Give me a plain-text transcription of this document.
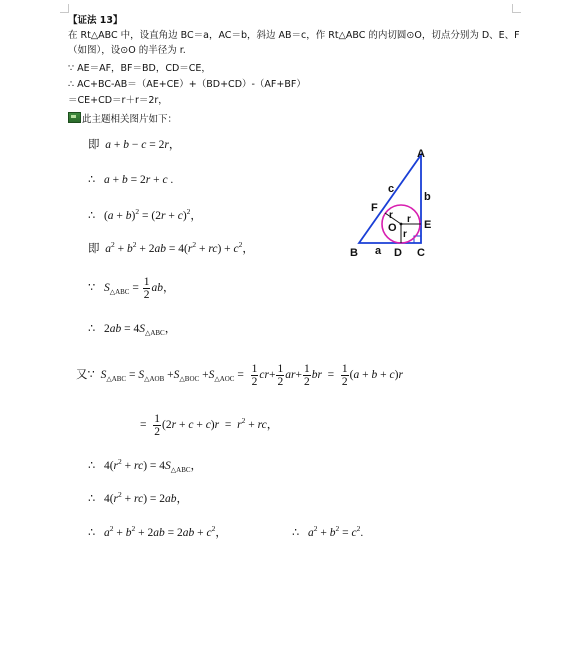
【证法 13】
在 Rt△ABC 中，设直角边 BC＝a，AC＝b，斜边 AB＝c，作 Rt△ABC 的内切圆⊙O，切点分别为 D、E、F
（如图），设⊙O 的半径为 r.
∵ AE＝AF，BF＝BD，CD＝CE，
∴ AC+BC-AB＝（AE+CE）+（BD+CD）-（AF+BF）
＝CE+CD＝r＋r＝2r，
此主题相关图片如下：
即  a + b − c = 2r，
∴   a + b = 2r + c .
∴ $(a + b)^2 = (2r + c)^2$，
即  $a^2 + b^2 + 2ab = 4(r^2 + rc) + c^2$，
∵   $S_{\triangle ABC} = \frac{1}{2}$ ab，
∴ $2ab = 4S_{\triangle ABC}$，
又∵  $S_{\triangle ABC} = S_{\triangle AOB} +S_{\triangle BOC} +S_{\triangle AOC} = \frac{1}{2} cr+ \frac{1}{2} ar+ \frac{1}{2}$ br  = $\frac{1}{2} (a + b + c)r$
= $\frac{1}{2} (2r + c + c)r = r^2$ + rc，
∴ $4(r^2 + rc) = 4S_{\triangle ABC}$，
∴ $4(r^2 + rc) = 2ab$，
∴   $a^2 + b^2 + 2ab = 2ab + c^2$，	∴   $a^2 + b^2 = c^2$.
A
B	C
D
E
F
O
a
b
c
r r
r
